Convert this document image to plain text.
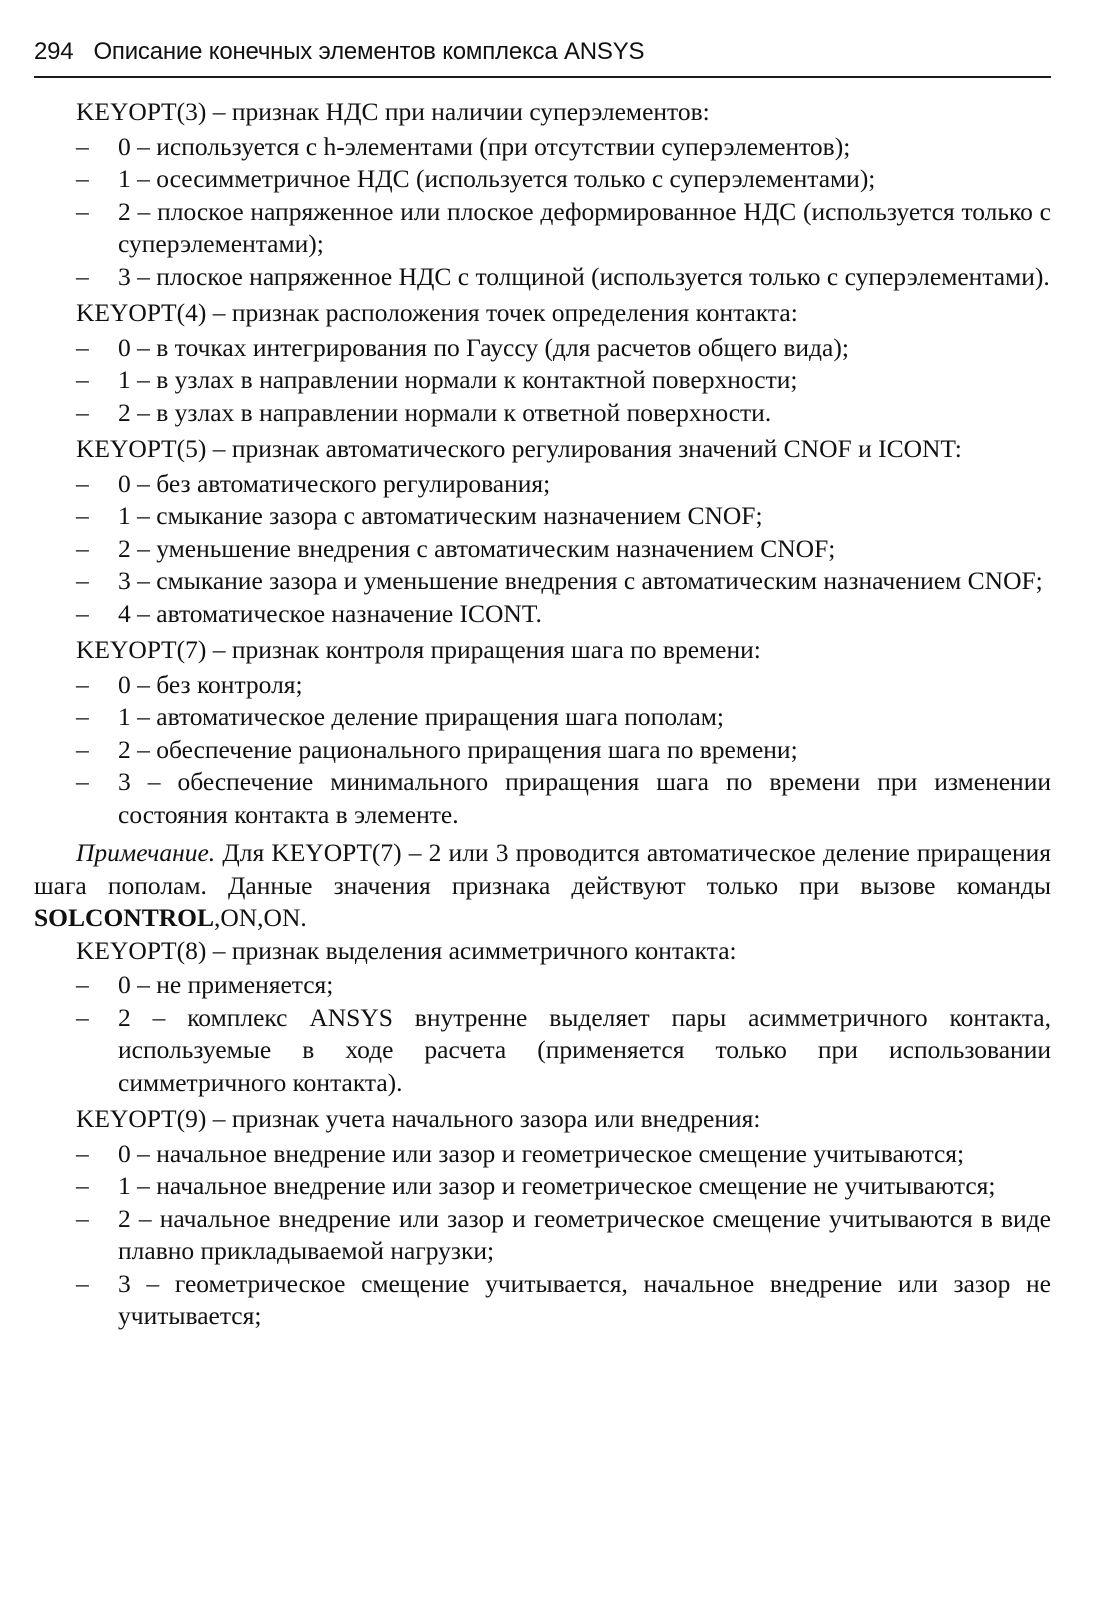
294 Описание конечных элементов комплекса ANSYS

KEYOPT(3) – признак НДС при наличии суперэлементов:

– 0 – используется с h-элементами (при отсутствии суперэлементов);
– 1 – осесимметричное НДС (используется только с суперэлементами);
– 2 – плоское напряженное или плоское деформированное НДС (используется только с суперэлементами);
– 3 – плоское напряженное НДС с толщиной (используется только с суперэлементами).

KEYOPT(4) – признак расположения точек определения контакта:

– 0 – в точках интегрирования по Гауссу (для расчетов общего вида);
– 1 – в узлах в направлении нормали к контактной поверхности;
– 2 – в узлах в направлении нормали к ответной поверхности.

KEYOPT(5) – признак автоматического регулирования значений CNOF и ICONT:

– 0 – без автоматического регулирования;
– 1 – смыкание зазора с автоматическим назначением CNOF;
– 2 – уменьшение внедрения с автоматическим назначением CNOF;
– 3 – смыкание зазора и уменьшение внедрения с автоматическим назначением CNOF;
– 4 – автоматическое назначение ICONT.

KEYOPT(7) – признак контроля приращения шага по времени:

– 0 – без контроля;
– 1 – автоматическое деление приращения шага пополам;
– 2 – обеспечение рационального приращения шага по времени;
– 3 – обеспечение минимального приращения шага по времени при изменении состояния контакта в элементе.

Примечание. Для KEYOPT(7) – 2 или 3 проводится автоматическое деление приращения шага пополам. Данные значения признака действуют только при вызове команды SOLCONTROL,ON,ON.

KEYOPT(8) – признак выделения асимметричного контакта:

– 0 – не применяется;
– 2 – комплекс ANSYS внутренне выделяет пары асимметричного контакта, используемые в ходе расчета (применяется только при использовании симметричного контакта).

KEYOPT(9) – признак учета начального зазора или внедрения:

– 0 – начальное внедрение или зазор и геометрическое смещение учитываются;
– 1 – начальное внедрение или зазор и геометрическое смещение не учитываются;
– 2 – начальное внедрение или зазор и геометрическое смещение учитываются в виде плавно прикладываемой нагрузки;
– 3 – геометрическое смещение учитывается, начальное внедрение или зазор не учитывается;
